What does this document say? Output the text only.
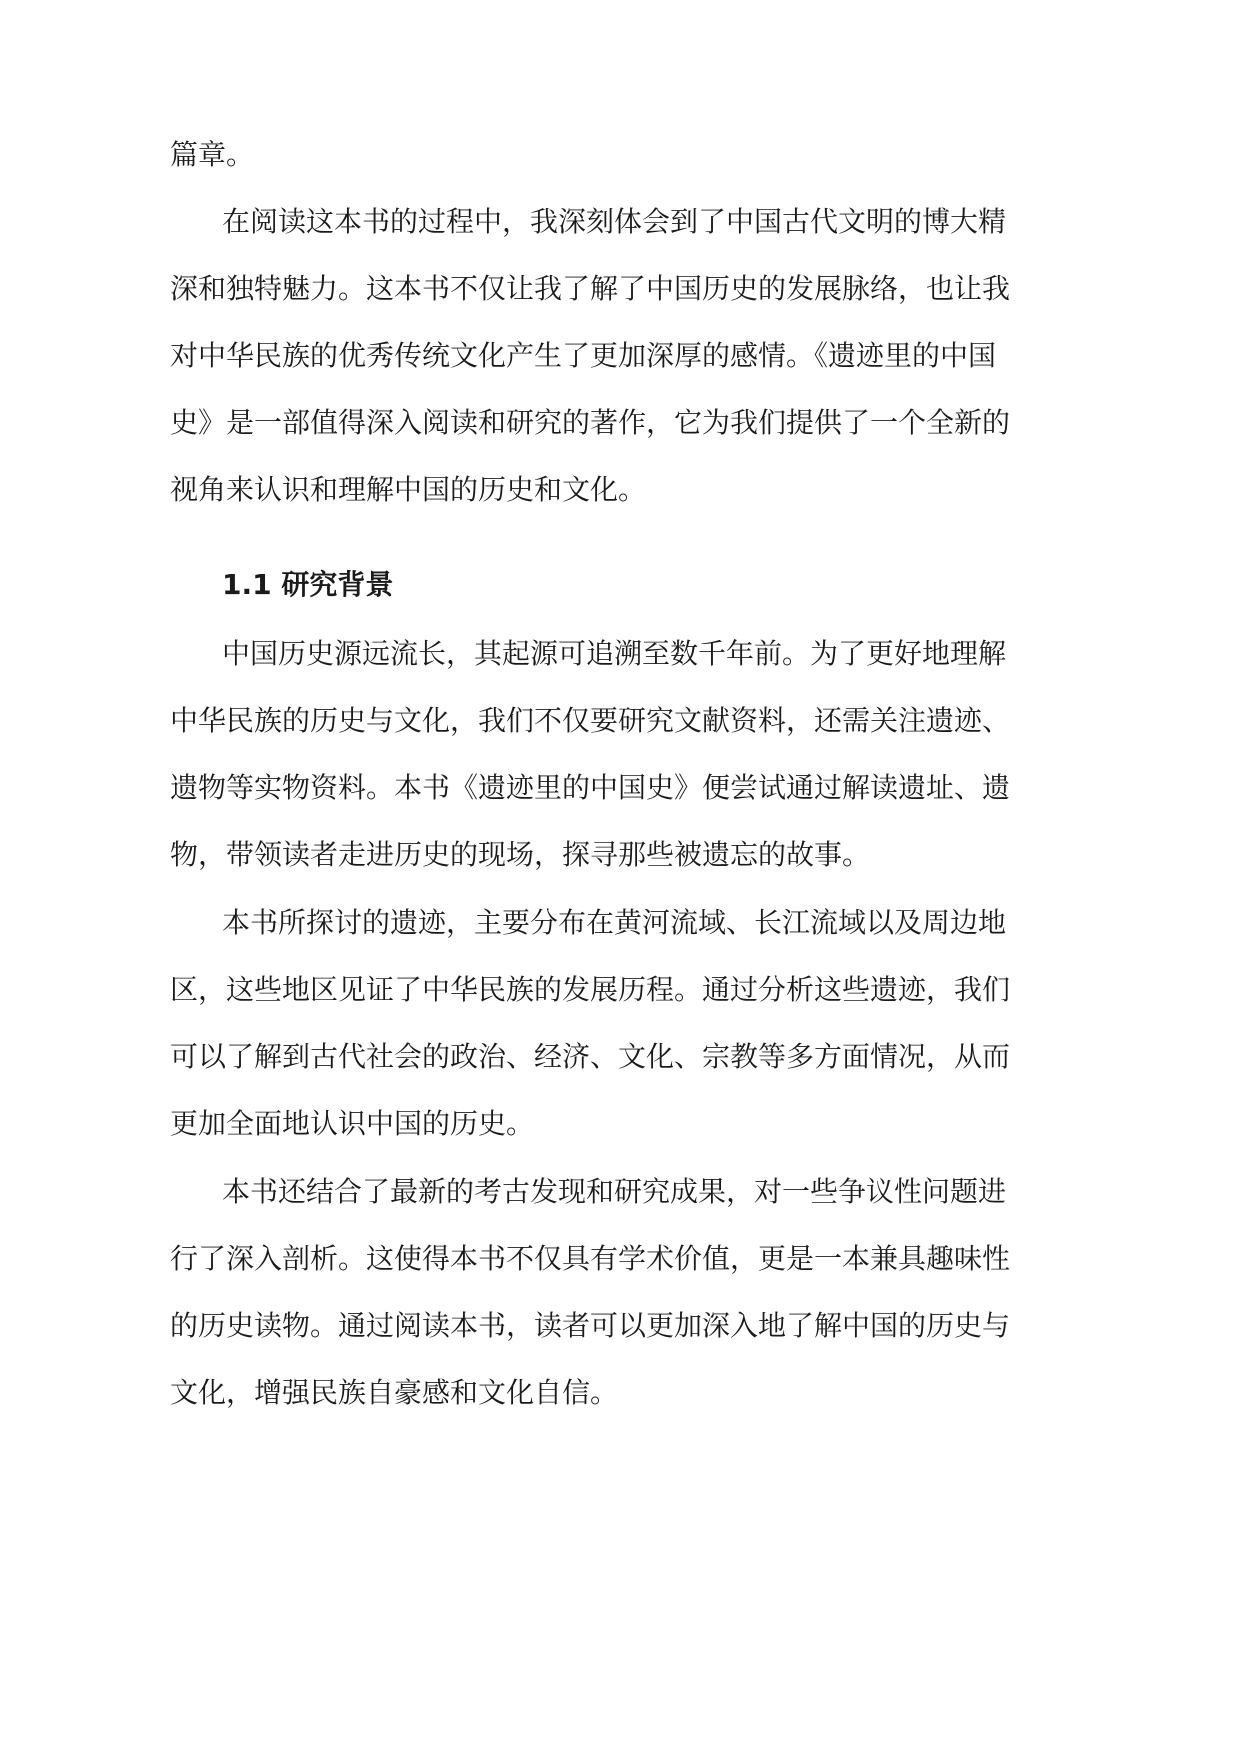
篇章。
在阅读这本书的过程中，我深刻体会到了中国古代文明的博大精
深和独特魅力。这本书不仅让我了解了中国历史的发展脉络，也让我
对中华民族的优秀传统文化产生了更加深厚的感情。《遗迹里的中国
史》是一部值得深入阅读和研究的著作，它为我们提供了一个全新的
视角来认识和理解中国的历史和文化。
1.1 研究背景
中国历史源远流长，其起源可追溯至数千年前。为了更好地理解
中华民族的历史与文化，我们不仅要研究文献资料，还需关注遗迹、
遗物等实物资料。本书《遗迹里的中国史》便尝试通过解读遗址、遗
物，带领读者走进历史的现场，探寻那些被遗忘的故事。
本书所探讨的遗迹，主要分布在黄河流域、长江流域以及周边地
区，这些地区见证了中华民族的发展历程。通过分析这些遗迹，我们
可以了解到古代社会的政治、经济、文化、宗教等多方面情况，从而
更加全面地认识中国的历史。
本书还结合了最新的考古发现和研究成果，对一些争议性问题进
行了深入剖析。这使得本书不仅具有学术价值，更是一本兼具趣味性
的历史读物。通过阅读本书，读者可以更加深入地了解中国的历史与
文化，增强民族自豪感和文化自信。
